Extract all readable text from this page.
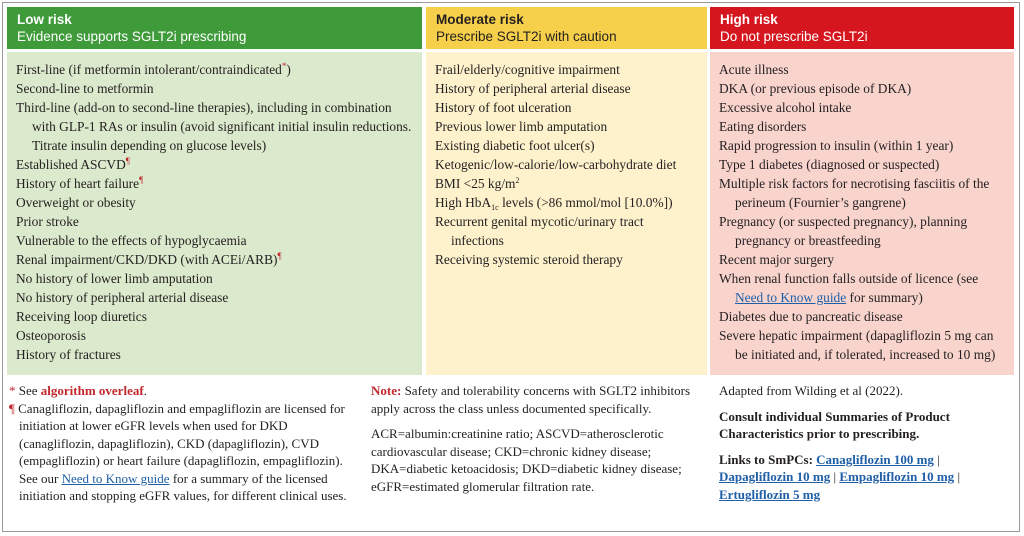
Low risk
Evidence supports SGLT2i prescribing

First-line (if metformin intolerant/contraindicated*)

Second-line to metformin

Third-line (add-on to second-line therapies), including in combination with GLP-1 RAs or insulin (avoid significant initial insulin reductions. Titrate insulin depending on glucose levels)

Established ASCVD¶

History of heart failure¶

Overweight or obesity

Prior stroke

Vulnerable to the effects of hypoglycaemia

Renal impairment/CKD/DKD (with ACEi/ARB)¶

No history of lower limb amputation

No history of peripheral arterial disease

Receiving loop diuretics

Osteoporosis

History of fractures

Moderate risk
Prescribe SGLT2i with caution

Frail/elderly/cognitive impairment

History of peripheral arterial disease

History of foot ulceration

Previous lower limb amputation

Existing diabetic foot ulcer(s)

Ketogenic/low-calorie/low-carbohydrate diet

BMI <25 $kg/m^2$

High HbA$_{1c}$ levels (>86 mmol/mol [10.0%])

Recurrent genital mycotic/urinary tract infections

Receiving systemic steroid therapy

High risk
Do not prescribe SGLT2i

Acute illness

DKA (or previous episode of DKA)

Excessive alcohol intake

Eating disorders

Rapid progression to insulin (within 1 year)

Type 1 diabetes (diagnosed or suspected)

Multiple risk factors for necrotising fasciitis of the perineum (Fournier’s gangrene)

Pregnancy (or suspected pregnancy), planning pregnancy or breastfeeding

Recent major surgery

When renal function falls outside of licence (see Need to Know guide for summary)

Diabetes due to pancreatic disease

Severe hepatic impairment (dapagliflozin 5 mg can be initiated and, if tolerated, increased to 10 mg)

* See algorithm overleaf.
¶ Canagliflozin, dapagliflozin and empagliflozin are licensed for initiation at lower eGFR levels when used for DKD (canagliflozin, dapagliflozin), CKD (dapagliflozin), CVD (empagliflozin) or heart failure (dapagliflozin, empagliflozin). See our Need to Know guide for a summary of the licensed initiation and stopping eGFR values, for different clinical uses.

Note: Safety and tolerability concerns with SGLT2 inhibitors apply across the class unless documented specifically.

ACR=albumin:creatinine ratio; ASCVD=atherosclerotic cardiovascular disease; CKD=chronic kidney disease; DKA=diabetic ketoacidosis; DKD=diabetic kidney disease; eGFR=estimated glomerular filtration rate.

Adapted from Wilding et al (2022).

Consult individual Summaries of Product Characteristics prior to prescribing.

Links to SmPCs: Canagliflozin 100 mg | Dapagliflozin 10 mg | Empagliflozin 10 mg | Ertugliflozin 5 mg
